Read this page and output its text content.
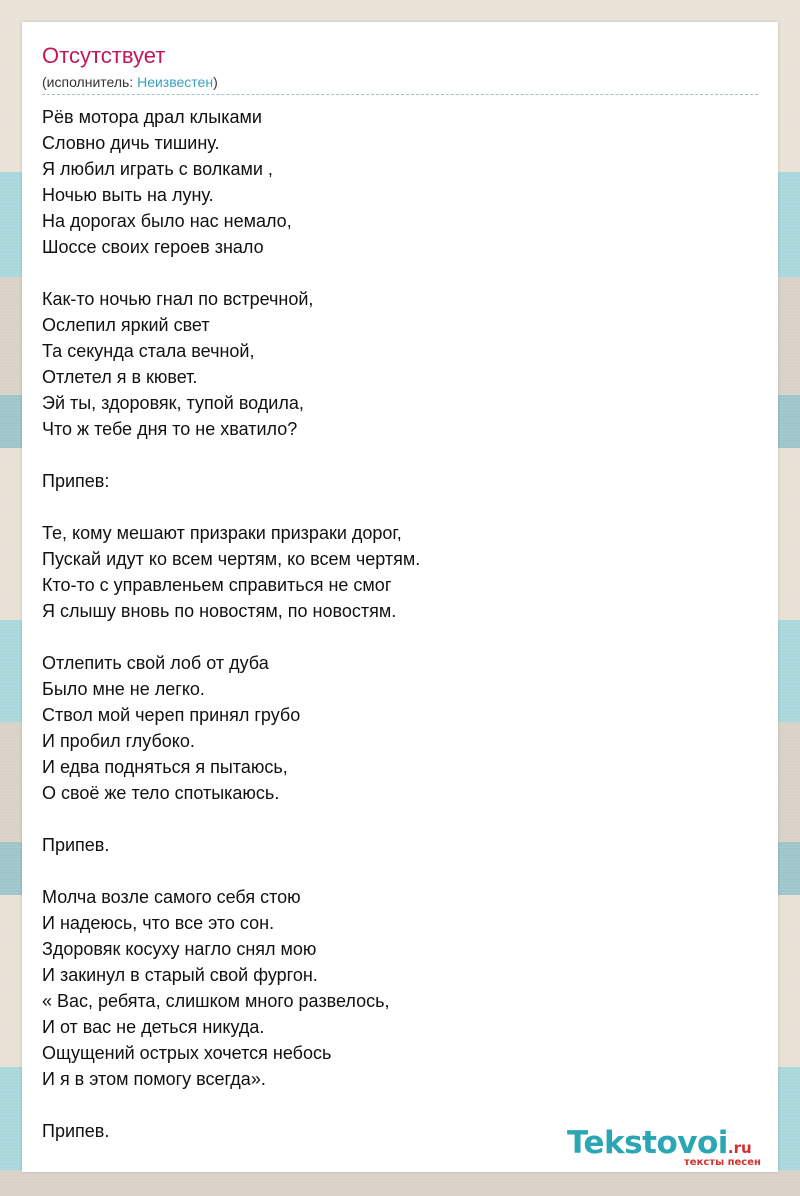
Отсутствует
(исполнитель: Неизвестен)
Рёв мотора драл клыками
Словно дичь тишину.
Я любил играть с волками ,
Ночью выть на луну.
На дорогах было нас немало,
Шоссе своих героев знало
Как-то ночью гнал по встречной,
Ослепил яркий свет
Та секунда стала вечной,
Отлетел я в кювет.
Эй ты, здоровяк, тупой водила,
Что ж тебе дня то не хватило?
Припев:
Те, кому мешают призраки призраки дорог,
Пускай идут ко всем чертям, ко всем чертям.
Кто-то с управленьем справиться не смог
Я слышу вновь по новостям, по новостям.
Отлепить свой лоб от дуба
Было мне не легко.
Ствол мой череп принял грубо
И пробил глубоко.
И едва подняться я пытаюсь,
О своё же тело спотыкаюсь.
Припев.
Молча возле самого себя стою
И надеюсь, что все это сон.
Здоровяк косуху нагло снял мою
И закинул в старый свой фургон.
« Вас, ребята, слишком много развелось,
И от вас не деться никуда.
Ощущений острых хочется небось
И я в этом помогу всегда».
Припев.	Tekstovoi.ru
тексты песен
